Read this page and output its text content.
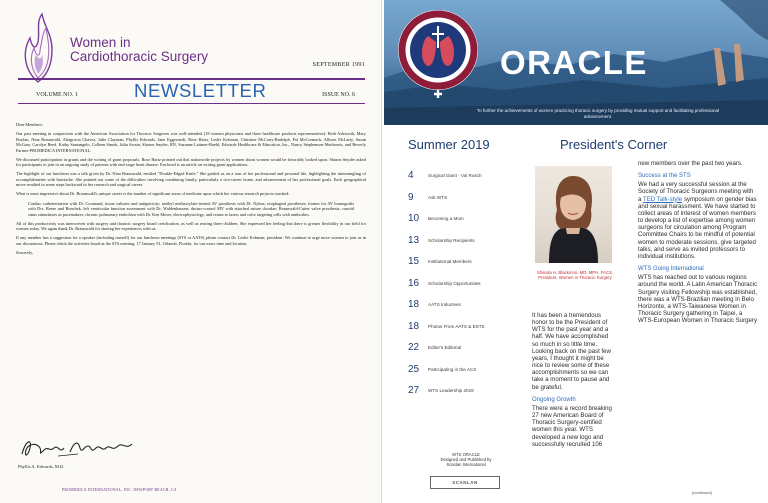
Women in
Cardiothoracic Surgery
SEPTEMBER 1991
VOLUME NO. 1	NEWSLETTER	ISSUE NO. 6

Dear Members:

Our past meeting in conjunction with the American Association for Thoracic Surgeons was well-attended (18 women physicians and three healthcare products representatives): Beth Ashworth, Mary Boylan, Nina Braunwald, Altagracia Chavez, Julie Clayman, Phyllis Edwards, Jane Eggerstedt, Rose Hartz, Leslie Kohman, Christine McCarty-Rudolph, Pat McCormack, Allison McLarty, Susan McGary, Carolyn Reed, Kathy Santangelo, Colleen Simek, Julia Swain, Sharon Snyder, RN, Suzanne Latimer-Buehl, Edwards Healthcare & Education, Inc., Nancy Stephenson-Medtronic, and Beverly Partner-PROMEDICA INTERNATIONAL.

We discussed participation in grants and the writing of grant proposals. Rose Hartz pointed out that nationwide projects by women about women would be favorably looked upon. Sharon Snyder asked for participants to join in an ongoing study of patients with end-stage heart disease. Enclosed is an article on writing grant applications.

The highlight of our luncheon was a talk given by Dr. Nina Braunwald, entitled "Double-Edged Knife." She guided us on a tour of her professional and personal life, highlighting the intermingling of accomplishments with heartache. She pointed out some of the difficulties involving combining family, particularly a two-career home, and advancement of her professional goals. Each geographical move resulted in some steps backward in her research and surgical career.

What is most impressive about Dr. Braunwald's unique career is the number of significant areas of medicine upon which her various research projects touched:

Cardiac catheterization with Dr. Cournand, tissue cultures and antigenicity; methyl methacrylate-treated AV prosthesis with Dr. Nyhus; esophageal prostheses; frames for AV homografts with Drs. Reese and Bonchek, left ventricular function assessment with Dr. Waldenhausen; ductus-control MV with attached suture chordae; Braunwald-Cutter valve prosthesis; carotid sinus stimulators as pacemakers; chronic pulmonary embolism with Dr. Ken Moser, electrophysiology, and return to lasers and color targeting cells with antibodies.

All of this productivity was interwoven with surgery and thoracic surgery board certification, as well as rearing three children. She expressed her feeling that there is greater flexibility in our field for women today. We again thank Dr. Braunwald for sharing her experiences with us.

If any member has a suggestion for a speaker (including oneself) for our luncheon meetings (STS or AATS) please contact Dr. Leslie Kohman, president. We continue to urge more women to join us in our discussions. Please check the activities board at the STS meeting, 17 January 91, Orlando, Florida, for our exact time and location.

Sincerely,

Phyllis A. Edwards, M.D.
PROMEDICA INTERNATIONAL, INC. NEWPORT BEACH, CA
ORACLE
To further the achievements of women practicing thoracic surgery by providing mutual support and facilitating professional advancement.
Summer 2019	President's Corner
4	Surgical Giant - Val Rusch
9	Ask WTS
10	Becoming a Mom
13	Scholarship Recipients
15	Institutional Members
16	Scholarship Opportunities
18	AATS Inductees
18	Photos From AATS & ESTS
22	Editor's Editorial
25	Participating in the ACS
27	WTS Leadership 2019
WTS ORACLE
Designed and Published by
Scanlan International
SCANLAN
Shanda H. Blackmon, MD, MPH, FACS, President, Women in Thoracic Surgery

It has been a tremendous honor to be the President of WTS for the past year and a half. We have accomplished so much in so little time. Looking back on the past few years, I thought it might be nice to review some of these accomplishments so we can take a moment to pause and be grateful.

Ongoing Growth

There were a record breaking 27 new American Board of Thoracic Surgery-certified women this year. WTS developed a new logo and successfully recruited 106

new members over the past two years.

Success at the STS

We had a very successful session at the Society of Thoracic Surgeons meeting with a TED Talk-style symposium on gender bias and sexual harassment. We have started to collect areas of interest of women members to develop a list of expertise among women surgeons for circulation among Program Committee Chairs to be mindful of potential women to moderate sessions, give targeted talks, and serve as invited professors to individual institutions.

WTS Going International

WTS has reached out to various regions around the world. A Latin American Thoracic Surgery visiting Fellowship was established, there was a WTS-Brazilian meeting in Belo Horizonte, a WTS-Taiwanese Women in Thoracic Surgery gathering in Taipei, a WTS-European Women in Thoracic Surgery

(continued)
